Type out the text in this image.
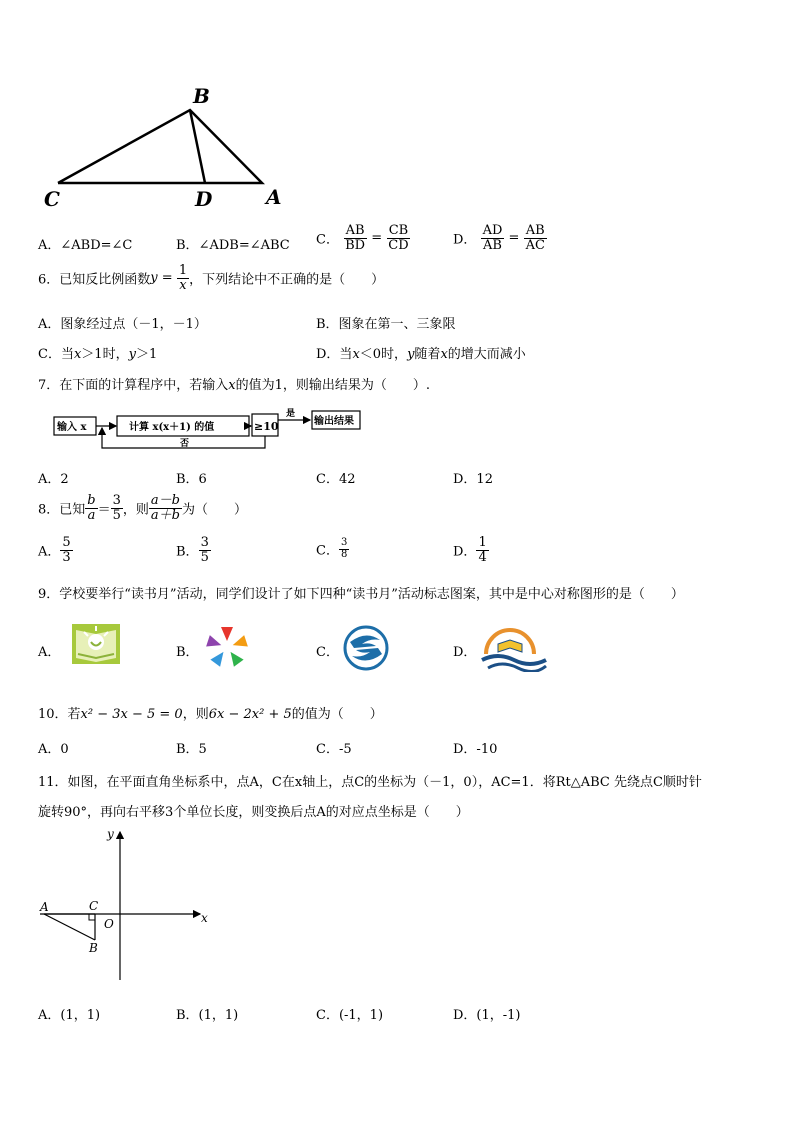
B
C	D	A
A．∠ABD=∠C	B．∠ADB=∠ABC C． $\frac{AB}{BD} = \frac{CB}{CD}$	D． $\frac{AD}{AB} = \frac{AB}{AC}$
6．已知反比例函数$y = \frac{1}{x}$ ，下列结论中不正确的是（　　）
A．图象经过点（－1，－1）	B．图象在第一、三象限
C．当x＞1时，y＞1	D．当x＜0时，y随着x的增大而减小
7．在下面的计算程序中，若输入x的值为1，则输出结果为（　　）.
输入 x	计算 x(x＋1) 的值	≥10
是
输出结果
否
A．2	B．6	C．42	D．12
8．已知 $\frac{b}{a} = \frac{3}{5}$ ，则 $\frac{a-b}{a+b}$ 为（　　）
A． $\frac{5}{3}$	B． $\frac{3}{5}$	C． $\frac{3}{8}$	D． $\frac{1}{4}$
9．学校要举行“读书月”活动，同学们设计了如下四种“读书月”活动标志图案，其中是中心对称图形的是（　　）
A．	B．	C．	D．
10．若x² − 3x − 5 = 0，则6x − 2x² + 5的值为（　　）
A．0	B．5	C．-5	D．-10
11．如图，在平面直角坐标系中，点A，C在x轴上，点C的坐标为（－1，0），AC=1．将Rt△ABC 先绕点C顺时针
旋转90°，再向右平移3个单位长度，则变换后点A的对应点坐标是（　　）
y
x
A	C
O
B
A．(1，1)	B．(1，1)	C．(-1，1)	D．(1，-1)
